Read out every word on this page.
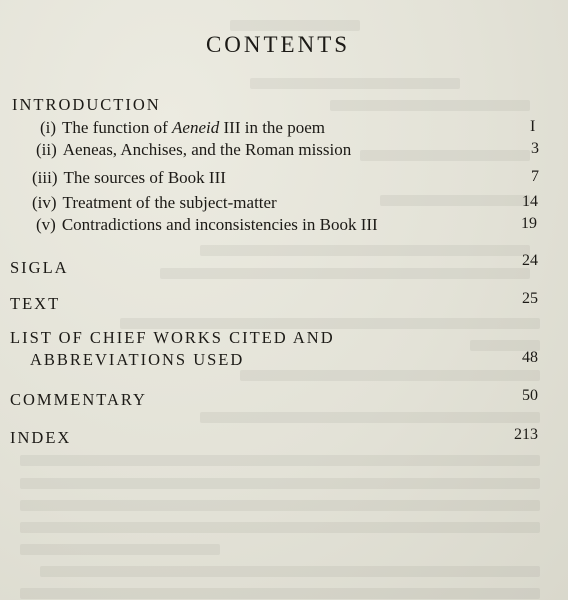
CONTENTS
INTRODUCTION
(i) The function of Aeneid III in the poem	I
(ii) Aeneas, Anchises, and the Roman mission	3
(iii) The sources of Book III	7
(iv) Treatment of the subject-matter	14
(v) Contradictions and inconsistencies in Book III	19
SIGLA	24
TEXT	25
LIST OF CHIEF WORKS CITED AND
ABBREVIATIONS USED	48
COMMENTARY	50
INDEX	213
